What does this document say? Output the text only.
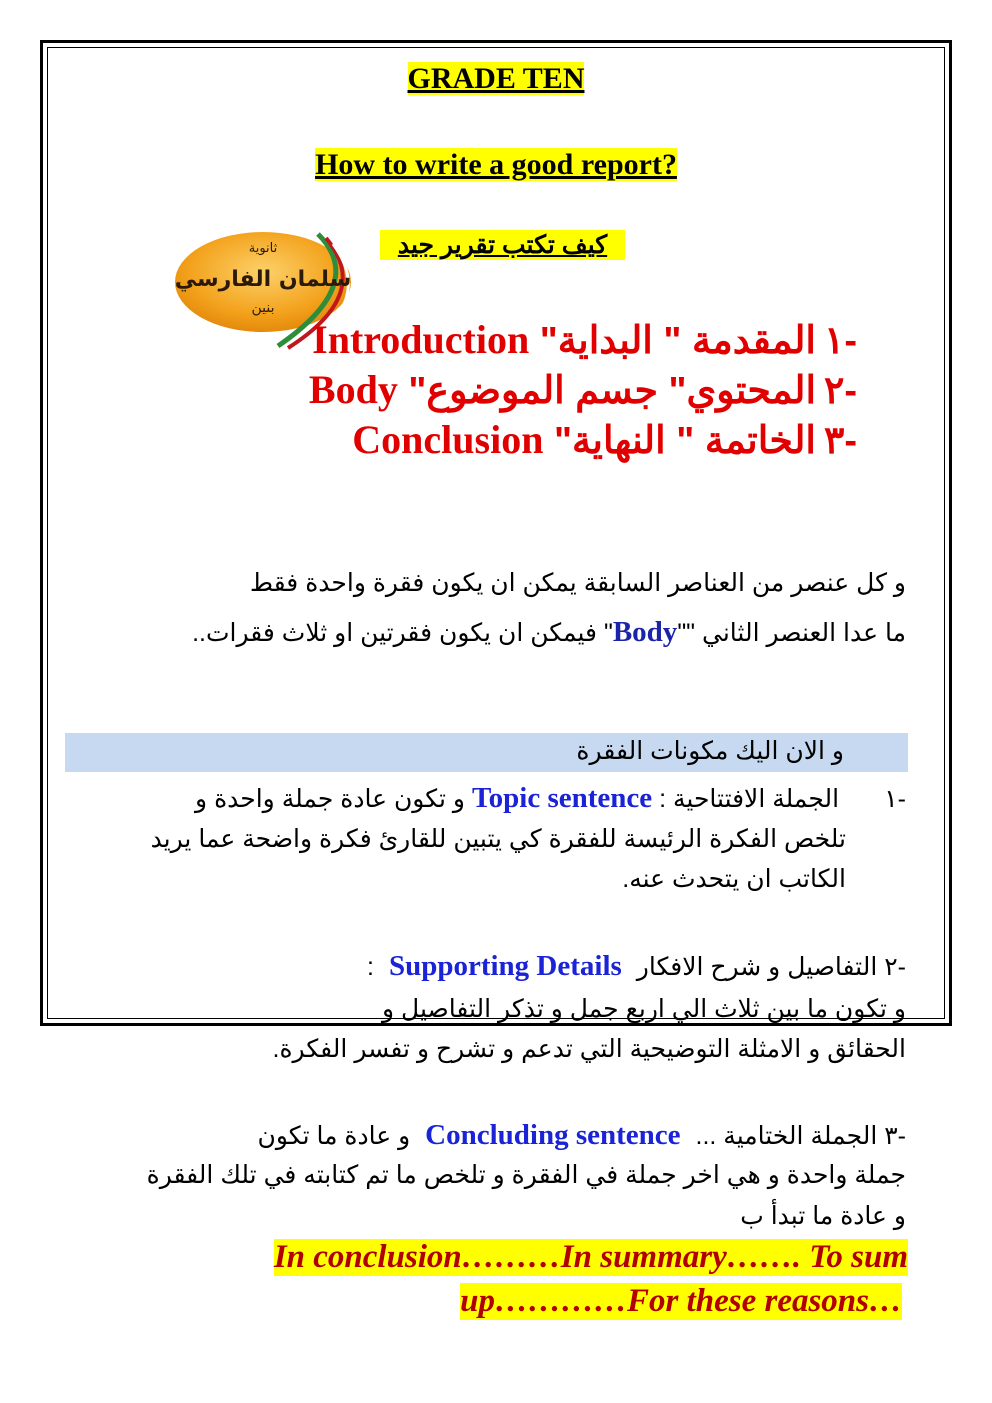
GRADE TEN
How to write a good report?
كيف تكتب تقرير جيد
ثانوية
سلمان الفارسي
بنين
-١المقدمة " البداية" Introduction
-٢المحتوي" جسم الموضوع" Body
-٣الخاتمة " النهاية" Conclusion
و كل عنصر من العناصر السابقة يمكن ان يكون فقرة واحدة فقط
ما عدا العنصر الثاني ""Body" فيمكن ان يكون فقرتين او ثلاث فقرات..
و الان اليك مكونات الفقرة
-١ الجملة الافتتاحية : Topic sentence و تكون عادة جملة واحدة و
تلخص الفكرة الرئيسة للفقرة كي يتبين للقارئ فكرة واضحة عما يريد
الكاتب ان يتحدث عنه.
-٢ التفاصيل و شرح الافكار Supporting Details :
و تكون ما بين ثلاث الي اربع جمل و تذكر التفاصيل و
الحقائق و الامثلة التوضيحية التي تدعم و تشرح و تفسر الفكرة.
-٣ الجملة الختامية ... Concluding sentence و عادة ما تكون
جملة واحدة و هي اخر جملة في الفقرة و تلخص ما تم كتابته في تلك الفقرة
و عادة ما تبدأ ب
In conclusion………In summary……. To sum
up…………For these reasons…
